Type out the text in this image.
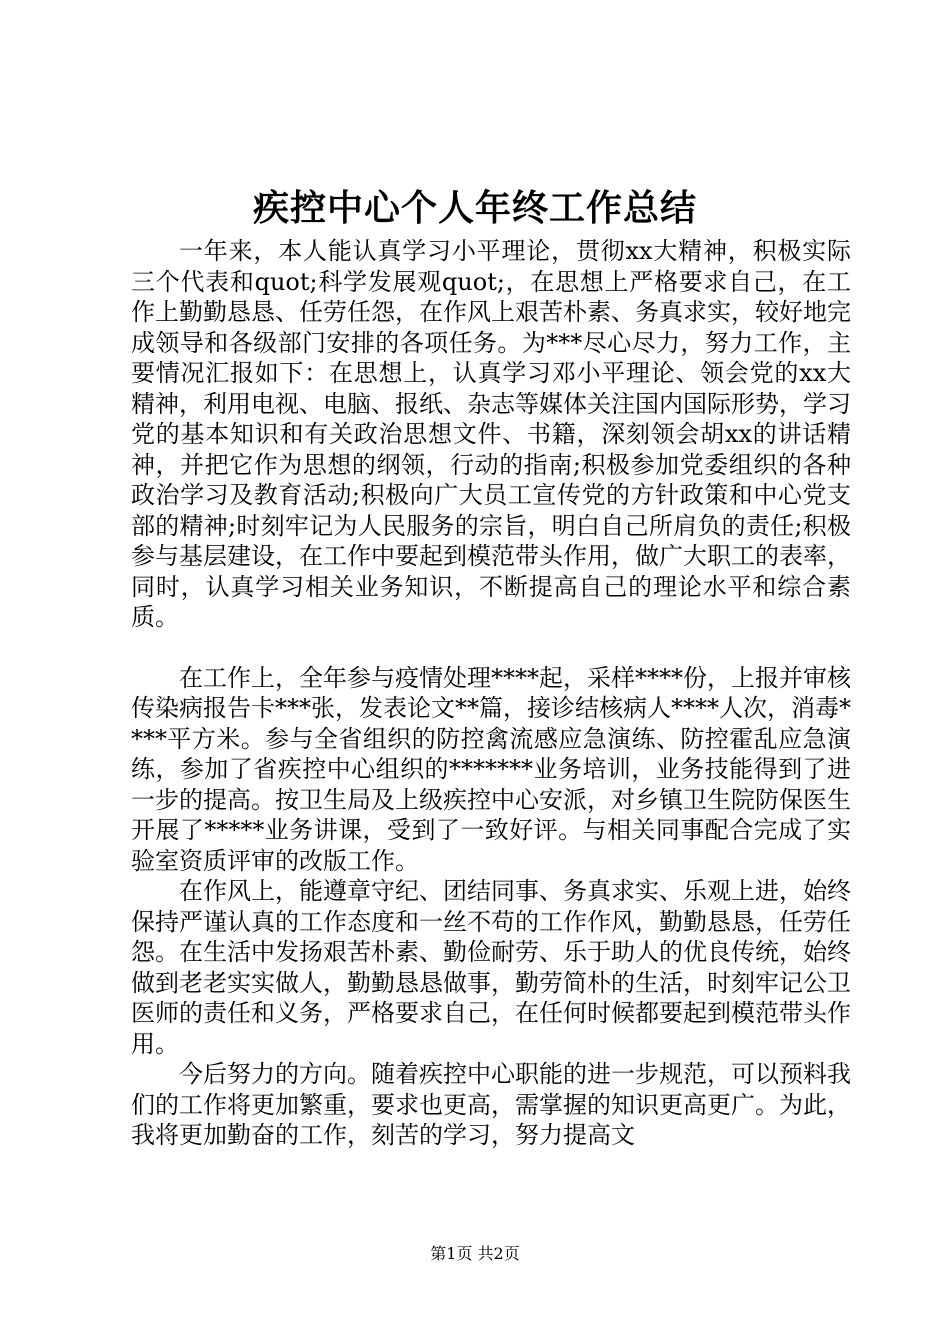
疾控中心个人年终工作总结

一年来，本人能认真学习小平理论，贯彻xx大精神，积极实际三个代表和quot;科学发展观quot;，在思想上严格要求自己，在工作上勤勤恳恳、任劳任怨，在作风上艰苦朴素、务真求实，较好地完成领导和各级部门安排的各项任务。为***尽心尽力，努力工作，主要情况汇报如下：在思想上，认真学习邓小平理论、领会党的xx大精神，利用电视、电脑、报纸、杂志等媒体关注国内国际形势，学习党的基本知识和有关政治思想文件、书籍，深刻领会胡xx的讲话精神，并把它作为思想的纲领，行动的指南;积极参加党委组织的各种政治学习及教育活动;积极向广大员工宣传党的方针政策和中心党支部的精神;时刻牢记为人民服务的宗旨，明白自己所肩负的责任;积极参与基层建设，在工作中要起到模范带头作用，做广大职工的表率，同时，认真学习相关业务知识，不断提高自己的理论水平和综合素质。

在工作上，全年参与疫情处理****起，采样****份，上报并审核传染病报告卡***张，发表论文**篇，接诊结核病人****人次，消毒****平方米。参与全省组织的防控禽流感应急演练、防控霍乱应急演练，参加了省疾控中心组织的*******业务培训，业务技能得到了进一步的提高。按卫生局及上级疾控中心安派，对乡镇卫生院防保医生开展了*****业务讲课，受到了一致好评。与相关同事配合完成了实验室资质评审的改版工作。

在作风上，能遵章守纪、团结同事、务真求实、乐观上进，始终保持严谨认真的工作态度和一丝不苟的工作作风，勤勤恳恳，任劳任怨。在生活中发扬艰苦朴素、勤俭耐劳、乐于助人的优良传统，始终做到老老实实做人，勤勤恳恳做事，勤劳简朴的生活，时刻牢记公卫医师的责任和义务，严格要求自己，在任何时候都要起到模范带头作用。

今后努力的方向。随着疾控中心职能的进一步规范，可以预料我们的工作将更加繁重，要求也更高，需掌握的知识更高更广。为此，我将更加勤奋的工作，刻苦的学习，努力提高文

第1页 共2页
